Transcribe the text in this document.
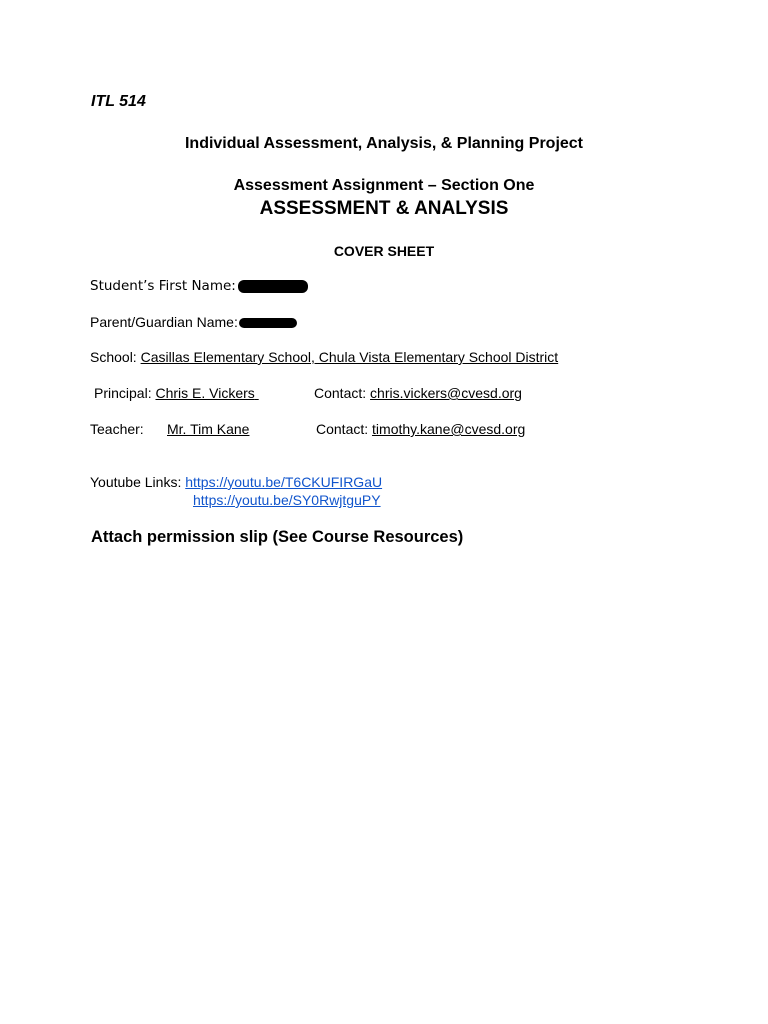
ITL 514
Individual Assessment, Analysis, & Planning Project
Assessment Assignment – Section One
ASSESSMENT & ANALYSIS
COVER SHEET
Student’s First Name:
Parent/Guardian Name:
School: Casillas Elementary School, Chula Vista Elementary School District
Principal: Chris E. Vickers	Contact: chris.vickers@cvesd.org
Teacher: Mr. Tim Kane	Contact: timothy.kane@cvesd.org
Youtube Links: https://youtu.be/T6CKUFIRGaU
https://youtu.be/SY0RwjtguPY
Attach permission slip (See Course Resources)
